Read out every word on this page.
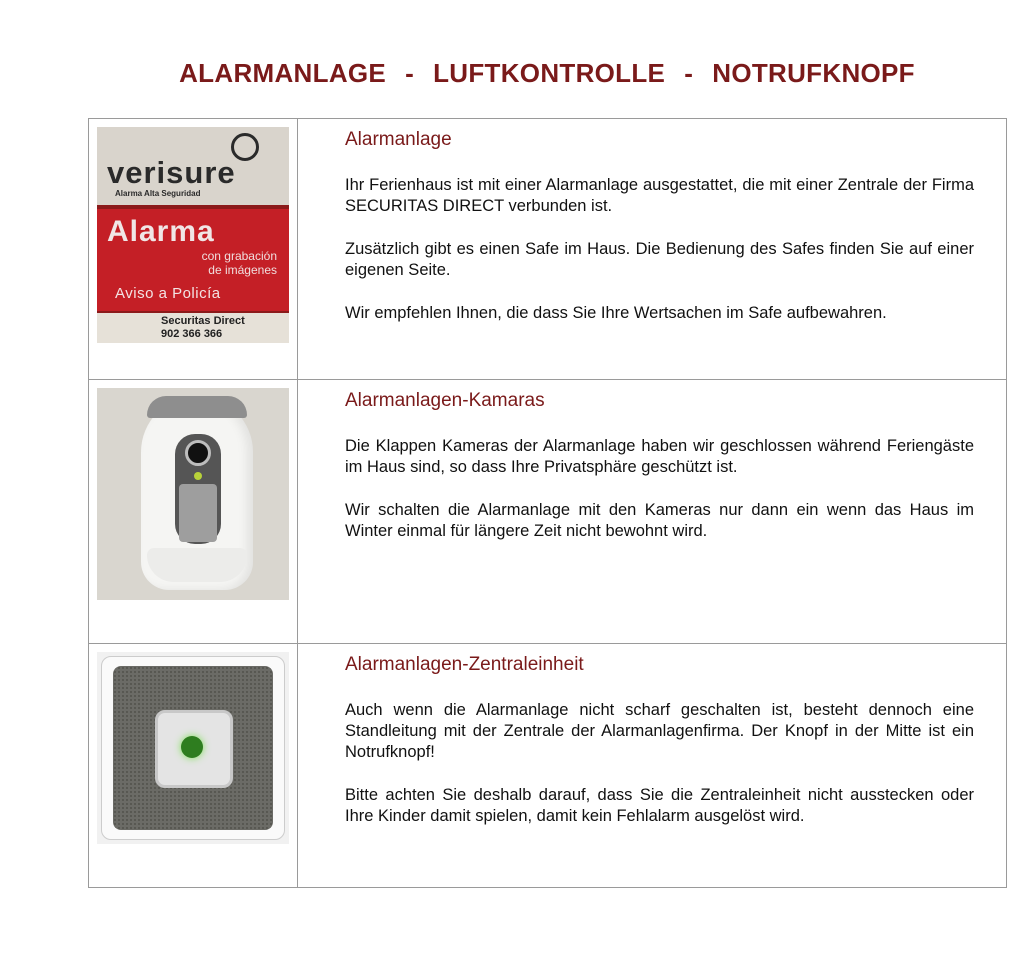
ALARMANLAGE  -  LUFTKONTROLLE  -  NOTRUFKNOPF
verisure
Alarma Alta Seguridad
Alarma
con grabación
de imágenes
Aviso a Policía
Securitas Direct
902 366 366
Alarmanlage

Ihr Ferienhaus ist mit einer Alarmanlage ausgestattet, die mit einer Zentrale der Firma SECURITAS DIRECT verbunden ist.

Zusätzlich gibt es einen Safe im Haus. Die Bedienung des Safes finden Sie auf einer eigenen Seite.

Wir empfehlen Ihnen, die dass Sie Ihre Wertsachen im Safe aufbewahren.

Alarmanlagen-Kamaras

Die Klappen Kameras der Alarmanlage haben wir geschlossen während Feriengäste im Haus sind, so dass Ihre Privatsphäre geschützt ist.

Wir schalten die Alarmanlage mit den Kameras nur dann ein wenn das Haus im Winter einmal für längere Zeit nicht bewohnt wird.

Alarmanlagen-Zentraleinheit

Auch wenn die Alarmanlage nicht scharf geschalten ist, besteht dennoch eine Standleitung mit der Zentrale der Alarmanlagenfirma. Der Knopf in der Mitte ist ein Notrufknopf!

Bitte achten Sie deshalb darauf, dass Sie die Zentraleinheit nicht ausstecken oder Ihre Kinder damit spielen, damit kein Fehlalarm ausgelöst wird.
